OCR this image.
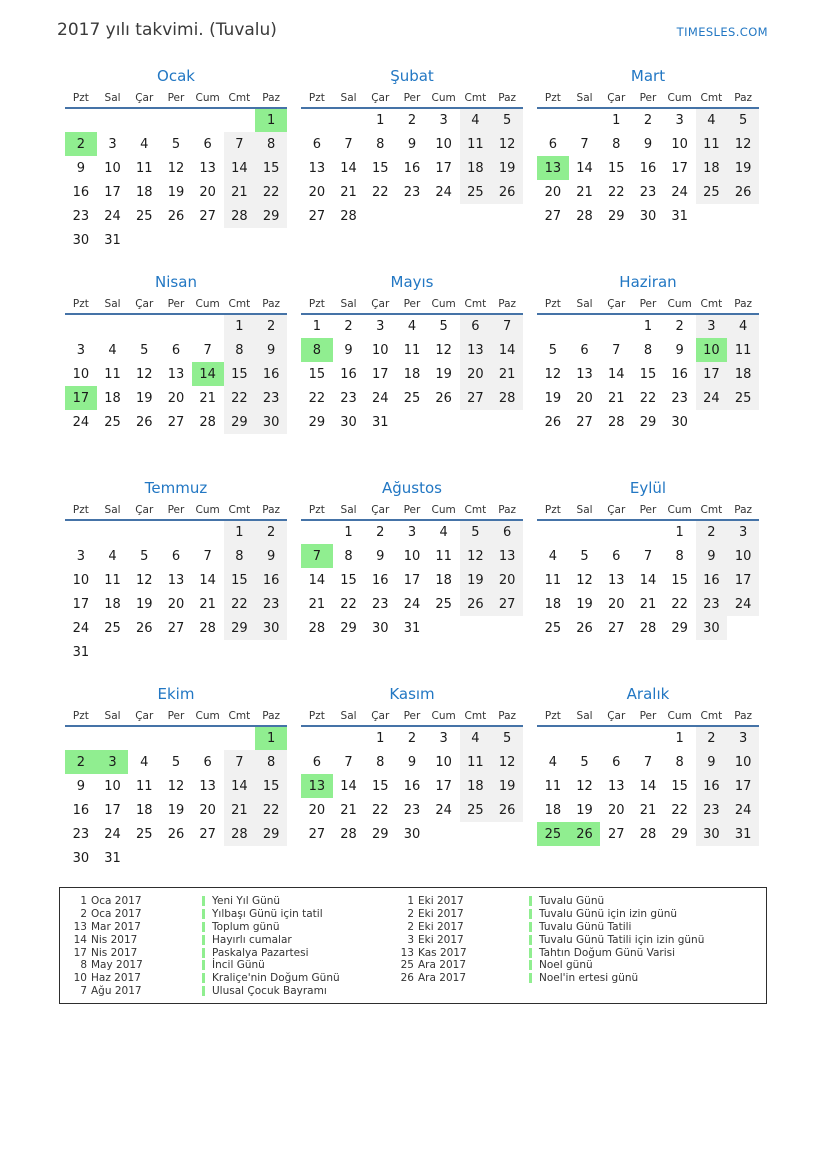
2017 yılı takvimi. (Tuvalu)	TIMESLES.COM
Ocak
Pzt	Sal	Çar	Per	Cum	Cmt	Paz
						1
2	3	4	5	6	7	8
9	10	11	12	13	14	15
16	17	18	19	20	21	22
23	24	25	26	27	28	29
30	31					
Şubat
Pzt	Sal	Çar	Per	Cum	Cmt	Paz
		1	2	3	4	5
6	7	8	9	10	11	12
13	14	15	16	17	18	19
20	21	22	23	24	25	26
27	28					
Mart
Pzt	Sal	Çar	Per	Cum	Cmt	Paz
		1	2	3	4	5
6	7	8	9	10	11	12
13	14	15	16	17	18	19
20	21	22	23	24	25	26
27	28	29	30	31		
Nisan
Pzt	Sal	Çar	Per	Cum	Cmt	Paz
					1	2
3	4	5	6	7	8	9
10	11	12	13	14	15	16
17	18	19	20	21	22	23
24	25	26	27	28	29	30
Mayıs
Pzt	Sal	Çar	Per	Cum	Cmt	Paz
1	2	3	4	5	6	7
8	9	10	11	12	13	14
15	16	17	18	19	20	21
22	23	24	25	26	27	28
29	30	31				
Haziran
Pzt	Sal	Çar	Per	Cum	Cmt	Paz
			1	2	3	4
5	6	7	8	9	10	11
12	13	14	15	16	17	18
19	20	21	22	23	24	25
26	27	28	29	30		
Temmuz
Pzt	Sal	Çar	Per	Cum	Cmt	Paz
					1	2
3	4	5	6	7	8	9
10	11	12	13	14	15	16
17	18	19	20	21	22	23
24	25	26	27	28	29	30
31						
Ağustos
Pzt	Sal	Çar	Per	Cum	Cmt	Paz
	1	2	3	4	5	6
7	8	9	10	11	12	13
14	15	16	17	18	19	20
21	22	23	24	25	26	27
28	29	30	31			
Eylül
Pzt	Sal	Çar	Per	Cum	Cmt	Paz
				1	2	3
4	5	6	7	8	9	10
11	12	13	14	15	16	17
18	19	20	21	22	23	24
25	26	27	28	29	30	
Ekim
Pzt	Sal	Çar	Per	Cum	Cmt	Paz
						1
2	3	4	5	6	7	8
9	10	11	12	13	14	15
16	17	18	19	20	21	22
23	24	25	26	27	28	29
30	31					
Kasım
Pzt	Sal	Çar	Per	Cum	Cmt	Paz
		1	2	3	4	5
6	7	8	9	10	11	12
13	14	15	16	17	18	19
20	21	22	23	24	25	26
27	28	29	30			
Aralık
Pzt	Sal	Çar	Per	Cum	Cmt	Paz
				1	2	3
4	5	6	7	8	9	10
11	12	13	14	15	16	17
18	19	20	21	22	23	24
25	26	27	28	29	30	31
1 Oca 2017	Yeni Yıl Günü
2 Oca 2017	Yılbaşı Günü için tatil
13 Mar 2017	Toplum günü
14 Nis 2017	Hayırlı cumalar
17 Nis 2017	Paskalya Pazartesi
8 May 2017	İncil Günü
10 Haz 2017	Kraliçe'nin Doğum Günü
7 Ağu 2017	Ulusal Çocuk Bayramı
1 Eki 2017	Tuvalu Günü
2 Eki 2017	Tuvalu Günü için izin günü
2 Eki 2017	Tuvalu Günü Tatili
3 Eki 2017	Tuvalu Günü Tatili için izin günü
13 Kas 2017	Tahtın Doğum Günü Varisi
25 Ara 2017	Noel günü
26 Ara 2017	Noel'in ertesi günü
